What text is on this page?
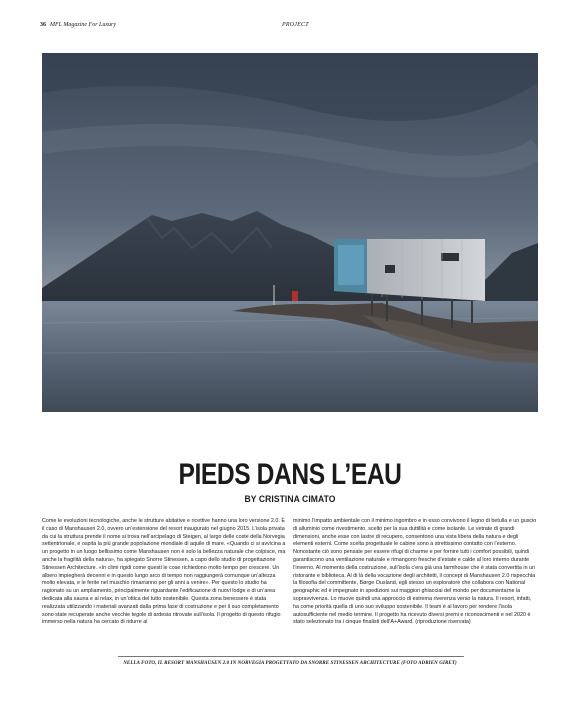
36 MFL Magazine For Luxury	PROJECT
PIEDS DANS L’EAU
BY CRISTINA CIMATO
Come le evoluzioni tecnologiche, anche le strutture abitative e ricettive hanno una loro versione 2.0. È il caso di Manshausen 2.0, ovvero un’estensione del resort inaugurato nel giugno 2015. L’isola privata da cui la struttura prende il nome si trova nell’arcipelago di Steigen, al largo delle coste della Norvegia settentrionale, e ospita la più grande popolazione mondiale di aquile di mare. «Quando ci si avvicina a un progetto in un luogo bellissimo come Manshausen non è solo la bellezza naturale che colpisce, ma anche la fragilità della natura», ha spiegato Snorre Stinessen, a capo dello studio di progettazione Stinessen Architecture. «In climi rigidi come questi le cose richiedono molto tempo per crescere. Un albero impiegherà decenni e in questo lungo arco di tempo non raggiungerà comunque un’altezza molto elevata, e le ferite nel muschio rimarranno per gli anni a venire». Per questo lo studio ha ragionato su un ampliamento, principalmente riguardante l’edificazione di nuovi lodge e di un’area dedicata alla sauna e al relax, in un’ottica del tutto sostenibile. Questa zona benessere è stata realizzata utilizzando i materiali avanzati dalla prima fase di costruzione e per il suo completamento sono state recuperate anche vecchie tegole di ardesia ritrovate sull’isola. Il progetto di questo rifugio immerso nella natura ha cercato di ridurre al
minimo l’impatto ambientale con il minimo ingombro e in esso convivono il legno di betulla e un guscio di alluminio come rivestimento, scelto per la sua duttilità e come isolante. Le vetrate di grandi dimensioni, anche esse con lastre di recupero, consentono una vista libera della natura e degli elementi esterni. Come scelta progettuale le cabine sono a strettissimo contatto con l’esterno. Nonostante ciò sono pensate per essere rifugi di charme e per fornire tutti i comfort possibili, quindi garantiscono una ventilazione naturale e rimangono fresche d’estate e calde al loro interno durante l’inverno. Al momento della costruzione, sull’isola c’era già una farmhouse che è stata convertita in un ristorante e biblioteca. Al di là della vocazione degli architetti, il concept di Manshausen 2.0 rispecchia la filosofia del committente, Børge Ousland, egli stesso un esploratore che collabora con National geographic ed è impegnato in spedizioni sui maggiori ghiacciai del mondo per documentarne la sopravvivenza. Lo muove quindi una approccio di estrema riverenza verso la natura. Il resort, infatti, ha come priorità quella di uno suo sviluppo sostenibile. Il team è al lavoro per rendere l’isola autosufficiente nel medio termine. Il progetto ha ricevuto diversi premi e riconoscimenti e nel 2020 è stato selezionato tra i cinque finalisti dell’A+Award. (riproduzione riservata)
NELLA FOTO, IL RESORT MANSHAUSEN 2.0 IN NORVEGIA PROGETTATO DA SNORRE STINESSEN ARCHITECTURE (FOTO ADRIEN GIRET)
